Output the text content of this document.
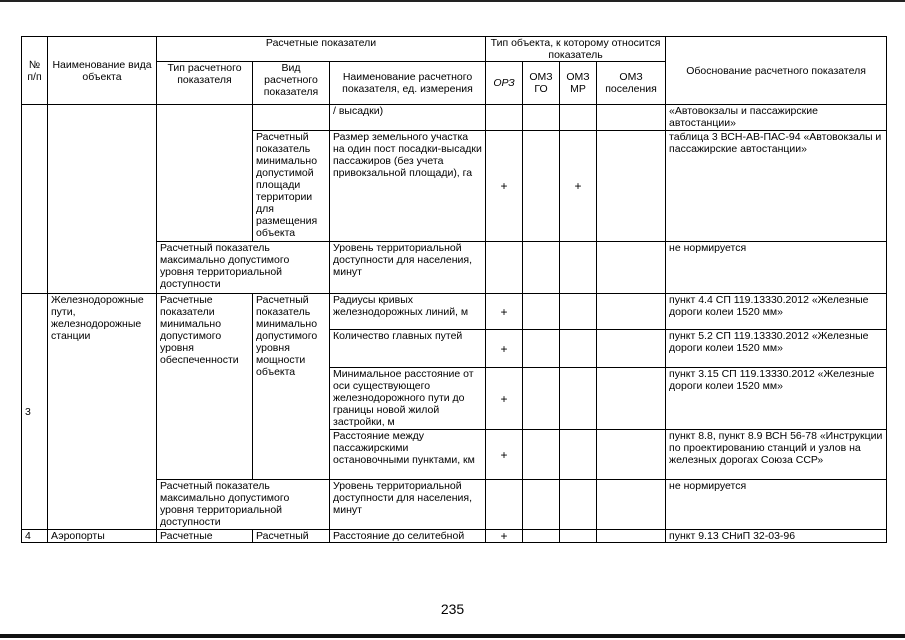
№ п/п	Наименование вида объекта	Расчетные показатели			Тип объекта, к которому относится показатель				Обоснование расчетного показателя
		Тип расчетного показателя	Вид расчетного показателя	Наименование расчетного показателя, ед. измерения	ОРЗ	ОМЗ ГО	ОМЗ МР	ОМЗ поселения	

				/ высадки)					«Автовокзалы и пассажирские автостанции»
			Расчетный показатель минимально допустимой площади территории для размещения объекта	Размер земельного участка на один пост посадки-высадки пассажиров (без учета привокзальной площади), га	+		+		таблица 3 ВСН-АВ-ПАС-94 «Автовокзалы и пассажирские автостанции»
		Расчетный показатель максимально допустимого уровня территориальной доступности		Уровень территориальной доступности для населения, минут					не нормируется
3	Железнодорожные пути, железнодорожные станции	Расчетные показатели минимально допустимого уровня обеспеченности	Расчетный показатель минимально допустимого уровня мощности объекта	Радиусы кривых железнодорожных линий, м	+				пункт 4.4 СП 119.13330.2012 «Железные дороги колеи 1520 мм»
				Количество главных путей	+				пункт 5.2 СП 119.13330.2012 «Железные дороги колеи 1520 мм»
				Минимальное расстояние от оси существующего железнодорожного пути до границы новой жилой застройки, м	+				пункт 3.15 СП 119.13330.2012 «Железные дороги колеи 1520 мм»
				Расстояние между пассажирскими остановочными пунктами, км	+				пункт 8.8, пункт 8.9 ВСН 56-78 «Инструкции по проектированию станций и узлов на железных дорогах Союза ССР»
		Расчетный показатель максимально допустимого уровня территориальной доступности		Уровень территориальной доступности для населения, минут					не нормируется
4	Аэропорты	Расчетные	Расчетный	Расстояние до селитебной	+				пункт 9.13 СНиП 32-03-96
235
